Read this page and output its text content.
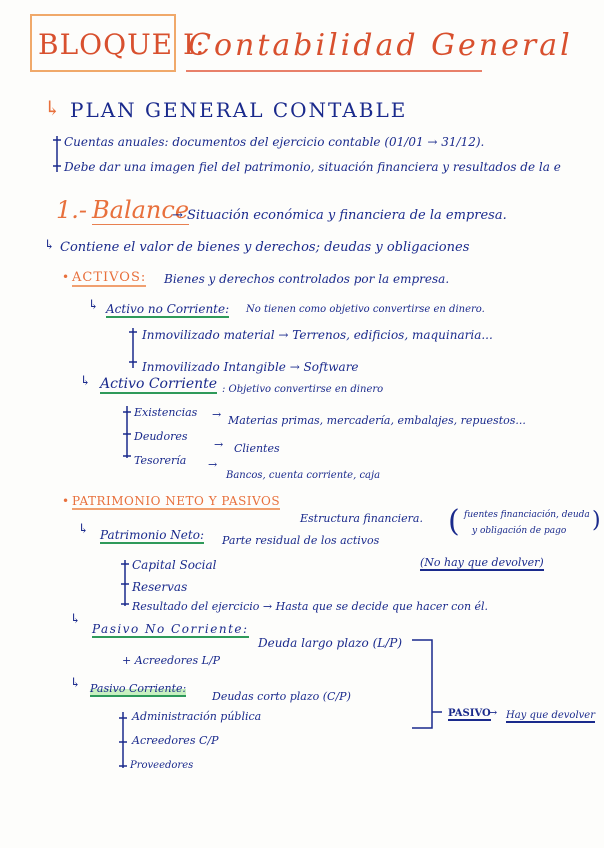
BLOQUE I:
Contabilidad General
↳ PLAN GENERAL CONTABLE
Cuentas anuales: documentos del ejercicio contable (01/01 → 31/12).
Debe dar una imagen fiel del patrimonio, situación financiera y resultados de la e
1.- Balance
→ Situación económica y financiera de la empresa.
↳ Contiene el valor de bienes y derechos; deudas y obligaciones
• ACTIVOS: Bienes y derechos controlados por la empresa.
↳ Activo no Corriente: No tienen como objetivo convertirse en dinero.
Inmovilizado material → Terrenos, edificios, maquinaria...
Inmovilizado Intangible → Software
↳ Activo Corriente : Objetivo convertirse en dinero
Existencias → Materias primas, mercadería, embalajes, repuestos...
Deudores
→ Clientes
Tesorería →
Bancos, cuenta corriente, caja
• PATRIMONIO NETO Y PASIVOS
Estructura financiera. ( fuentes financiación, deuda
y obligación de pago )
↳ Patrimonio Neto: Parte residual de los activos
(No hay que devolver)
Capital Social
Reservas
Resultado del ejercicio → Hasta que se decide que hacer con él.
↳
Pasivo No Corriente:
Deuda largo plazo (L/P)
+ Acreedores L/P
↳ Pasivo Corriente:
Deudas corto plazo (C/P)
Administración pública
Acreedores C/P
Proveedores
PASIVO
→ Hay que devolver
